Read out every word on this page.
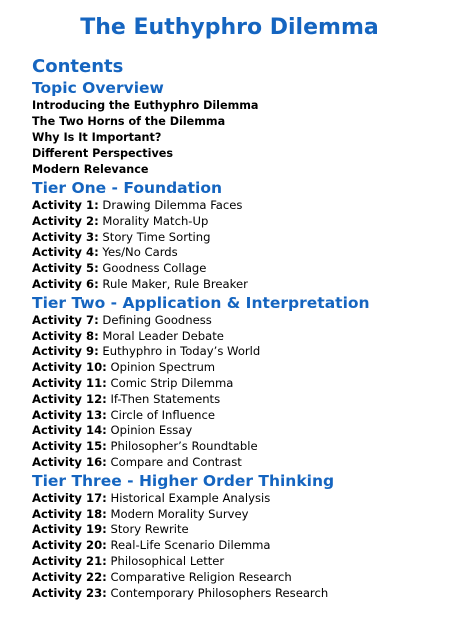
The Euthyphro Dilemma
Contents
Topic Overview
Introducing the Euthyphro Dilemma
The Two Horns of the Dilemma
Why Is It Important?
Different Perspectives
Modern Relevance
Tier One - Foundation
Activity 1: Drawing Dilemma Faces
Activity 2: Morality Match-Up
Activity 3: Story Time Sorting
Activity 4: Yes/No Cards
Activity 5: Goodness Collage
Activity 6: Rule Maker, Rule Breaker
Tier Two - Application & Interpretation
Activity 7: Defining Goodness
Activity 8: Moral Leader Debate
Activity 9: Euthyphro in Today’s World
Activity 10: Opinion Spectrum
Activity 11: Comic Strip Dilemma
Activity 12: If-Then Statements
Activity 13: Circle of Influence
Activity 14: Opinion Essay
Activity 15: Philosopher’s Roundtable
Activity 16: Compare and Contrast
Tier Three - Higher Order Thinking
Activity 17: Historical Example Analysis
Activity 18: Modern Morality Survey
Activity 19: Story Rewrite
Activity 20: Real-Life Scenario Dilemma
Activity 21: Philosophical Letter
Activity 22: Comparative Religion Research
Activity 23: Contemporary Philosophers Research
